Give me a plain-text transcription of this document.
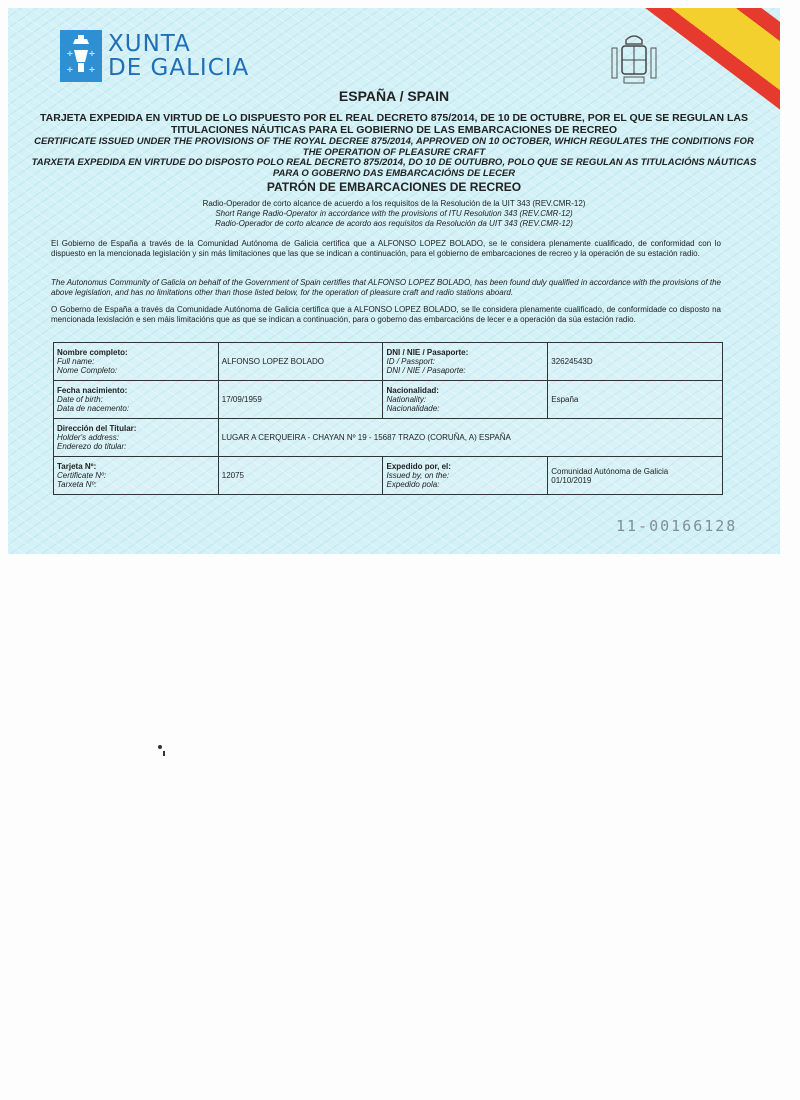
✛ ✛
✛ ✛
XUNTA
DE GALICIA
ESPAÑA / SPAIN
TARJETA EXPEDIDA EN VIRTUD DE LO DISPUESTO POR EL REAL DECRETO 875/2014, DE 10 DE OCTUBRE, POR EL QUE SE REGULAN LAS TITULACIONES NÁUTICAS PARA EL GOBIERNO DE LAS EMBARCACIONES DE RECREO
CERTIFICATE ISSUED UNDER THE PROVISIONS OF THE ROYAL DECREE 875/2014, APPROVED ON 10 OCTOBER, WHICH REGULATES THE CONDITIONS FOR THE OPERATION OF PLEASURE CRAFT
TARXETA EXPEDIDA EN VIRTUDE DO DISPOSTO POLO REAL DECRETO 875/2014, DO 10 DE OUTUBRO, POLO QUE SE REGULAN AS TITULACIÓNS NÁUTICAS PARA O GOBERNO DAS EMBARCACIÓNS DE LECER
PATRÓN DE EMBARCACIONES DE RECREO
Radio-Operador de corto alcance de acuerdo a los requisitos de la Resolución de la UIT 343 (REV.CMR-12)
Short Range Radio-Operator in accordance with the provisions of ITU Resolution 343 (REV.CMR-12)
Radio-Operador de corto alcance de acordo aos requisitos da Resolución da UIT 343 (REV.CMR-12)
El Gobierno de España a través de la Comunidad Autónoma de Galicia certifica que a ALFONSO LOPEZ BOLADO, se le considera plenamente cualificado, de conformidad con lo dispuesto en la mencionada legislación y sin más limitaciones que las que se indican a continuación, para el gobierno de embarcaciones de recreo y la operación de su estación radio.
The Autonomus Community of Galicia on behalf of the Government of Spain certifies that ALFONSO LOPEZ BOLADO, has been found duly qualified in accordance with the provisions of the above legislation, and has no limitations other than those listed below, for the operation of pleasure craft and radio stations aboard.
O Goberno de España a través da Comunidade Autónoma de Galicia certifica que a ALFONSO LOPEZ BOLADO, se lle considera plenamente cualificado, de conformidade co disposto na mencionada lexislación e sen máis limitacións que as que se indican a continuación, para o goberno das embarcacións de lecer e a operación da súa estación radio.
Nombre completo:
Full name:
Nome Completo:	ALFONSO LOPEZ BOLADO	DNI / NIE / Pasaporte:
ID / Passport:
DNI / NIE / Pasaporte:	32624543D

Fecha nacimiento:
Date of birth:
Data de nacemento:	17/09/1959	Nacionalidad:
Nationality:
Nacionalidade:	España

Dirección del Titular:
Holder's address:
Enderezo do titular:	LUGAR A CERQUEIRA - CHAYAN Nº 19 - 15687 TRAZO (CORUÑA, A) ESPAÑA		

Tarjeta Nº:
Certificate Nº:
Tarxeta Nº:	12075	Expedido por, el:
Issued by, on the:
Expedido pola:	Comunidad Autónoma de Galicia
01/10/2019
11-00166128
